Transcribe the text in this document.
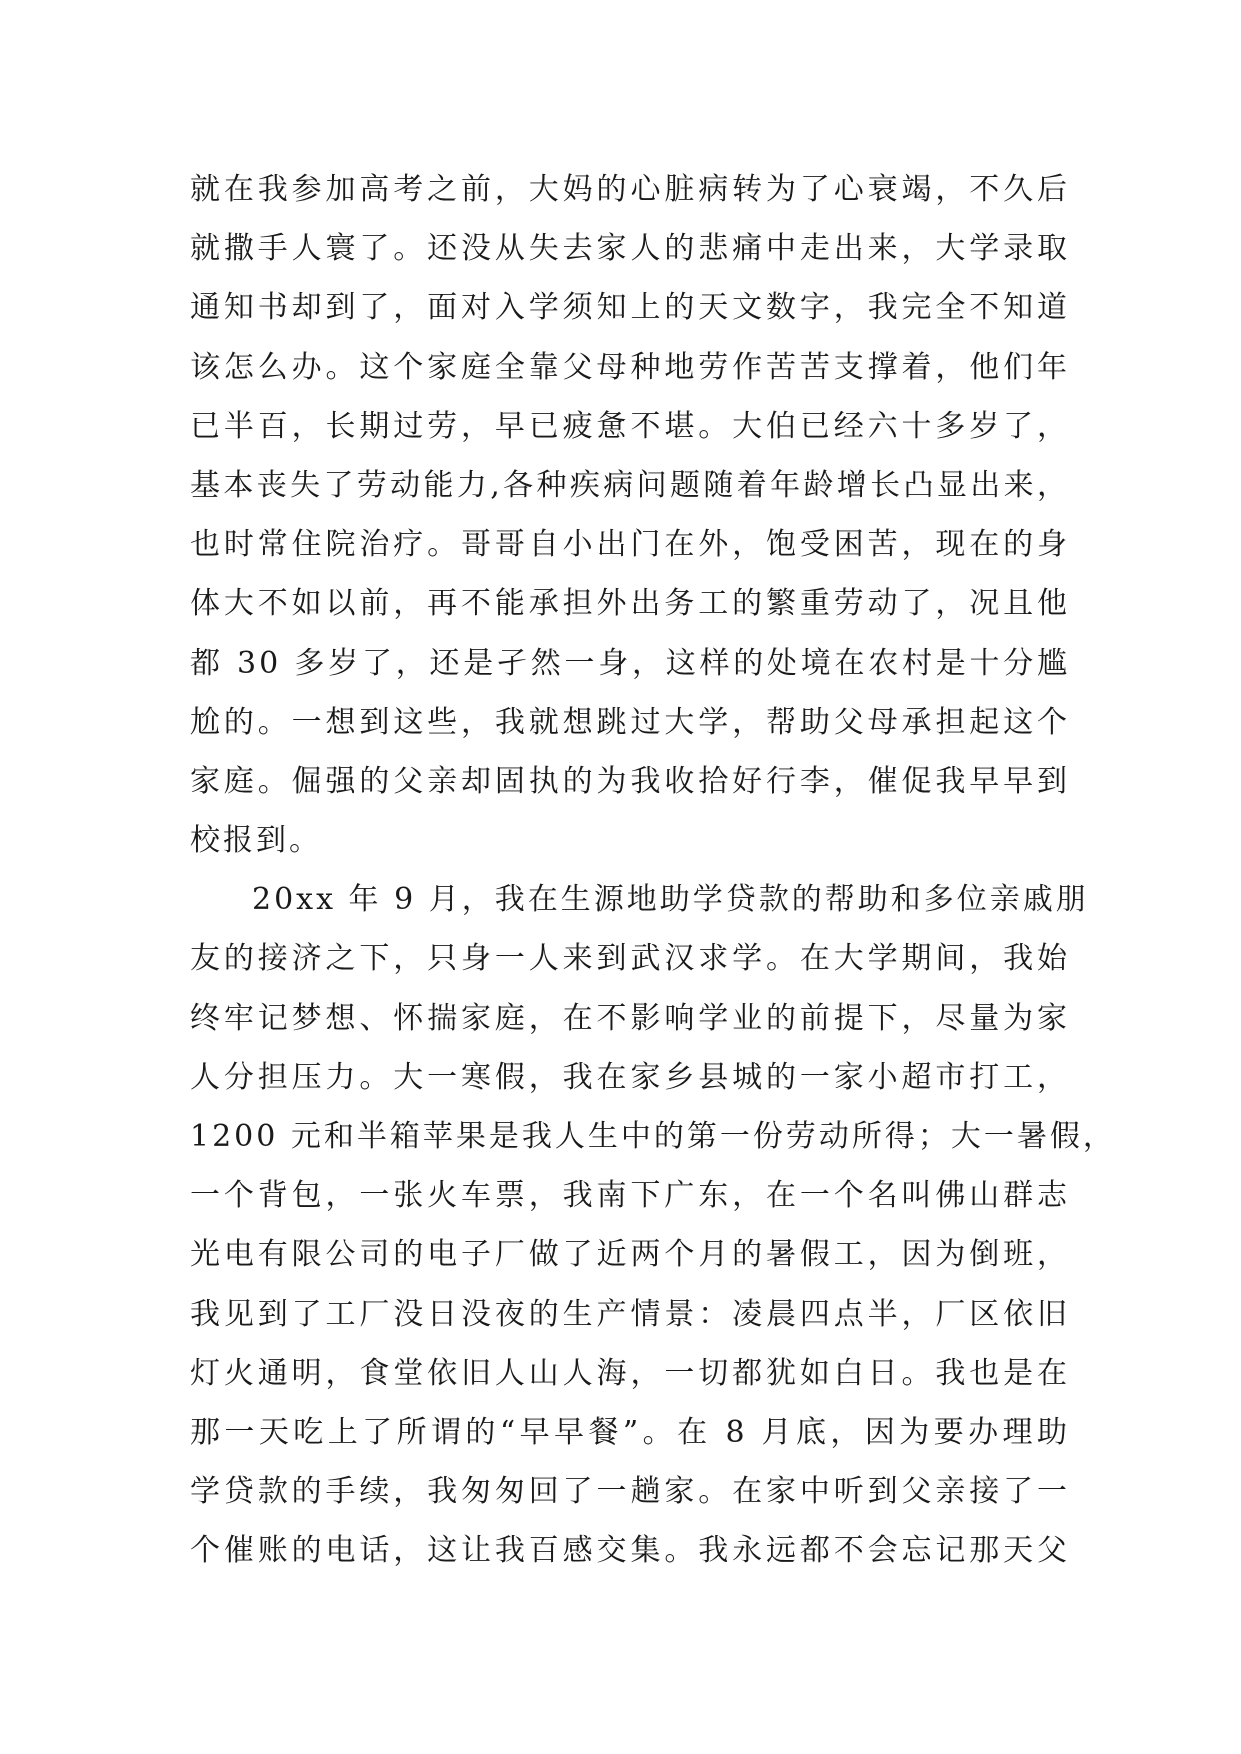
就在我参加高考之前，大妈的心脏病转为了心衰竭，不久后
就撒手人寰了。还没从失去家人的悲痛中走出来，大学录取
通知书却到了，面对入学须知上的天文数字，我完全不知道
该怎么办。这个家庭全靠父母种地劳作苦苦支撑着，他们年
已半百，长期过劳，早已疲惫不堪。大伯已经六十多岁了，
基本丧失了劳动能力,各种疾病问题随着年龄增长凸显出来，
也时常住院治疗。哥哥自小出门在外，饱受困苦，现在的身
体大不如以前，再不能承担外出务工的繁重劳动了，况且他
都 30 多岁了，还是孑然一身，这样的处境在农村是十分尴
尬的。一想到这些，我就想跳过大学，帮助父母承担起这个
家庭。倔强的父亲却固执的为我收拾好行李，催促我早早到
校报到。
20xx 年 9 月，我在生源地助学贷款的帮助和多位亲戚朋
友的接济之下，只身一人来到武汉求学。在大学期间，我始
终牢记梦想、怀揣家庭，在不影响学业的前提下，尽量为家
人分担压力。大一寒假，我在家乡县城的一家小超市打工，
1200 元和半箱苹果是我人生中的第一份劳动所得；大一暑假，
一个背包，一张火车票，我南下广东，在一个名叫佛山群志
光电有限公司的电子厂做了近两个月的暑假工，因为倒班，
我见到了工厂没日没夜的生产情景：凌晨四点半，厂区依旧
灯火通明，食堂依旧人山人海，一切都犹如白日。我也是在
那一天吃上了所谓的“早早餐”。在 8 月底，因为要办理助
学贷款的手续，我匆匆回了一趟家。在家中听到父亲接了一
个催账的电话，这让我百感交集。我永远都不会忘记那天父
